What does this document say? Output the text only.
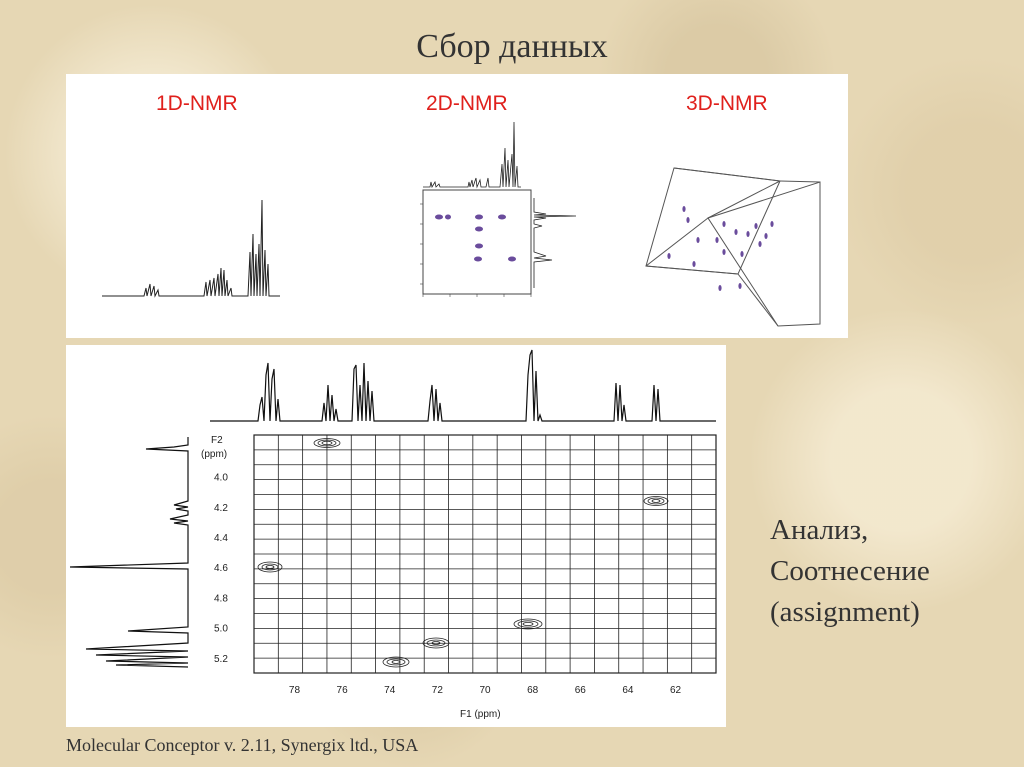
Сбор данных
1D-NMR	2D-NMR	3D-NMR
F2
(ppm)
4.0
4.2
4.4
4.6
4.8
5.0
5.2
78	76	74	72	70	68	66	64	62
F1 (ppm)
Анализ,
Соотнесение
(assignment)
Molecular Conceptor v. 2.11, Synergix ltd., USA
